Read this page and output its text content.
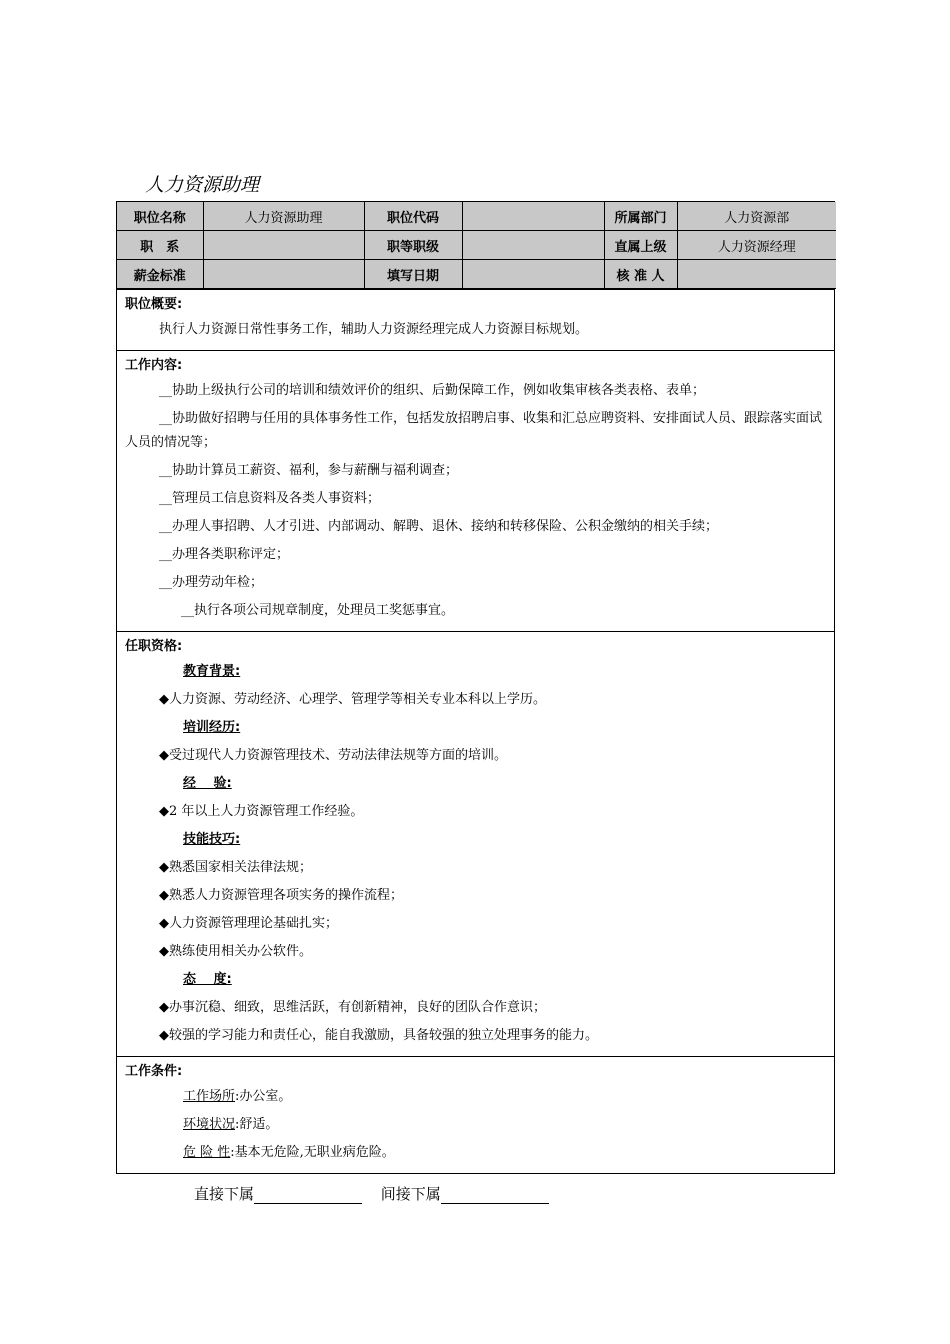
人力资源助理
职位名称	人力资源助理	职位代码		所属部门	人力资源部
职　系		职等职级		直属上级	人力资源经理
薪金标准		填写日期		核 准 人	
职位概要:
执行人力资源日常性事务工作，辅助人力资源经理完成人力资源目标规划。
工作内容:
__协助上级执行公司的培训和绩效评价的组织、后勤保障工作，例如收集审核各类表格、表单；
__协助做好招聘与任用的具体事务性工作，包括发放招聘启事、收集和汇总应聘资料、安排面试人员、跟踪落实面试人员的情况等；
__协助计算员工薪资、福利，参与薪酬与福利调查；
__管理员工信息资料及各类人事资料；
__办理人事招聘、人才引进、内部调动、解聘、退休、接纳和转移保险、公积金缴纳的相关手续；
__办理各类职称评定；
__办理劳动年检；
__执行各项公司规章制度，处理员工奖惩事宜。
任职资格:
教育背景:
◆人力资源、劳动经济、心理学、管理学等相关专业本科以上学历。
培训经历:
◆受过现代人力资源管理技术、劳动法律法规等方面的培训。
经　 验:
◆2 年以上人力资源管理工作经验。
技能技巧:
◆熟悉国家相关法律法规；
◆熟悉人力资源管理各项实务的操作流程；
◆人力资源管理理论基础扎实；
◆熟练使用相关办公软件。
态　 度:
◆办事沉稳、细致，思维活跃，有创新精神，良好的团队合作意识；
◆较强的学习能力和责任心，能自我激励，具备较强的独立处理事务的能力。
工作条件:
工作场所:办公室。
环境状况:舒适。
危 险 性:基本无危险,无职业病危险。
直接下属	间接下属
